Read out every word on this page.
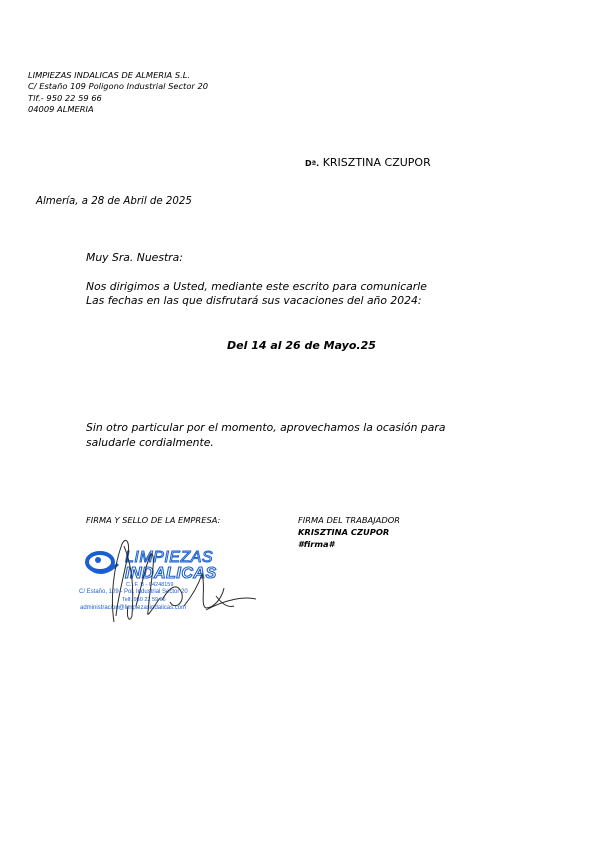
LIMPIEZAS INDALICAS DE ALMERIA S.L.
C/ Estaño 109 Poligono Industrial Sector 20
Tlf.- 950 22 59 66
04009 ALMERIA
Dª. KRISZTINA CZUPOR
Almería, a 28 de Abril de 2025
Muy Sra. Nuestra:
Nos dirigimos a Usted, mediante este escrito para comunicarle
Las fechas en las que disfrutará sus vacaciones del año 2024:
Del 14 al 26 de Mayo.25
Sin otro particular por el momento, aprovechamos la ocasión para
saludarle cordialmente.
FIRMA Y SELLO DE LA EMPRESA:	FIRMA DEL TRABAJADOR
KRISZTINA CZUPOR
#firma#
LIMPIEZAS
INDALICAS
C.I.F. B - 04248159
C/ Estaño, 109 - Pol. Industrial Sector 20
Telf. 950 22 59 66
administracion@limpiezasindalicas.com
